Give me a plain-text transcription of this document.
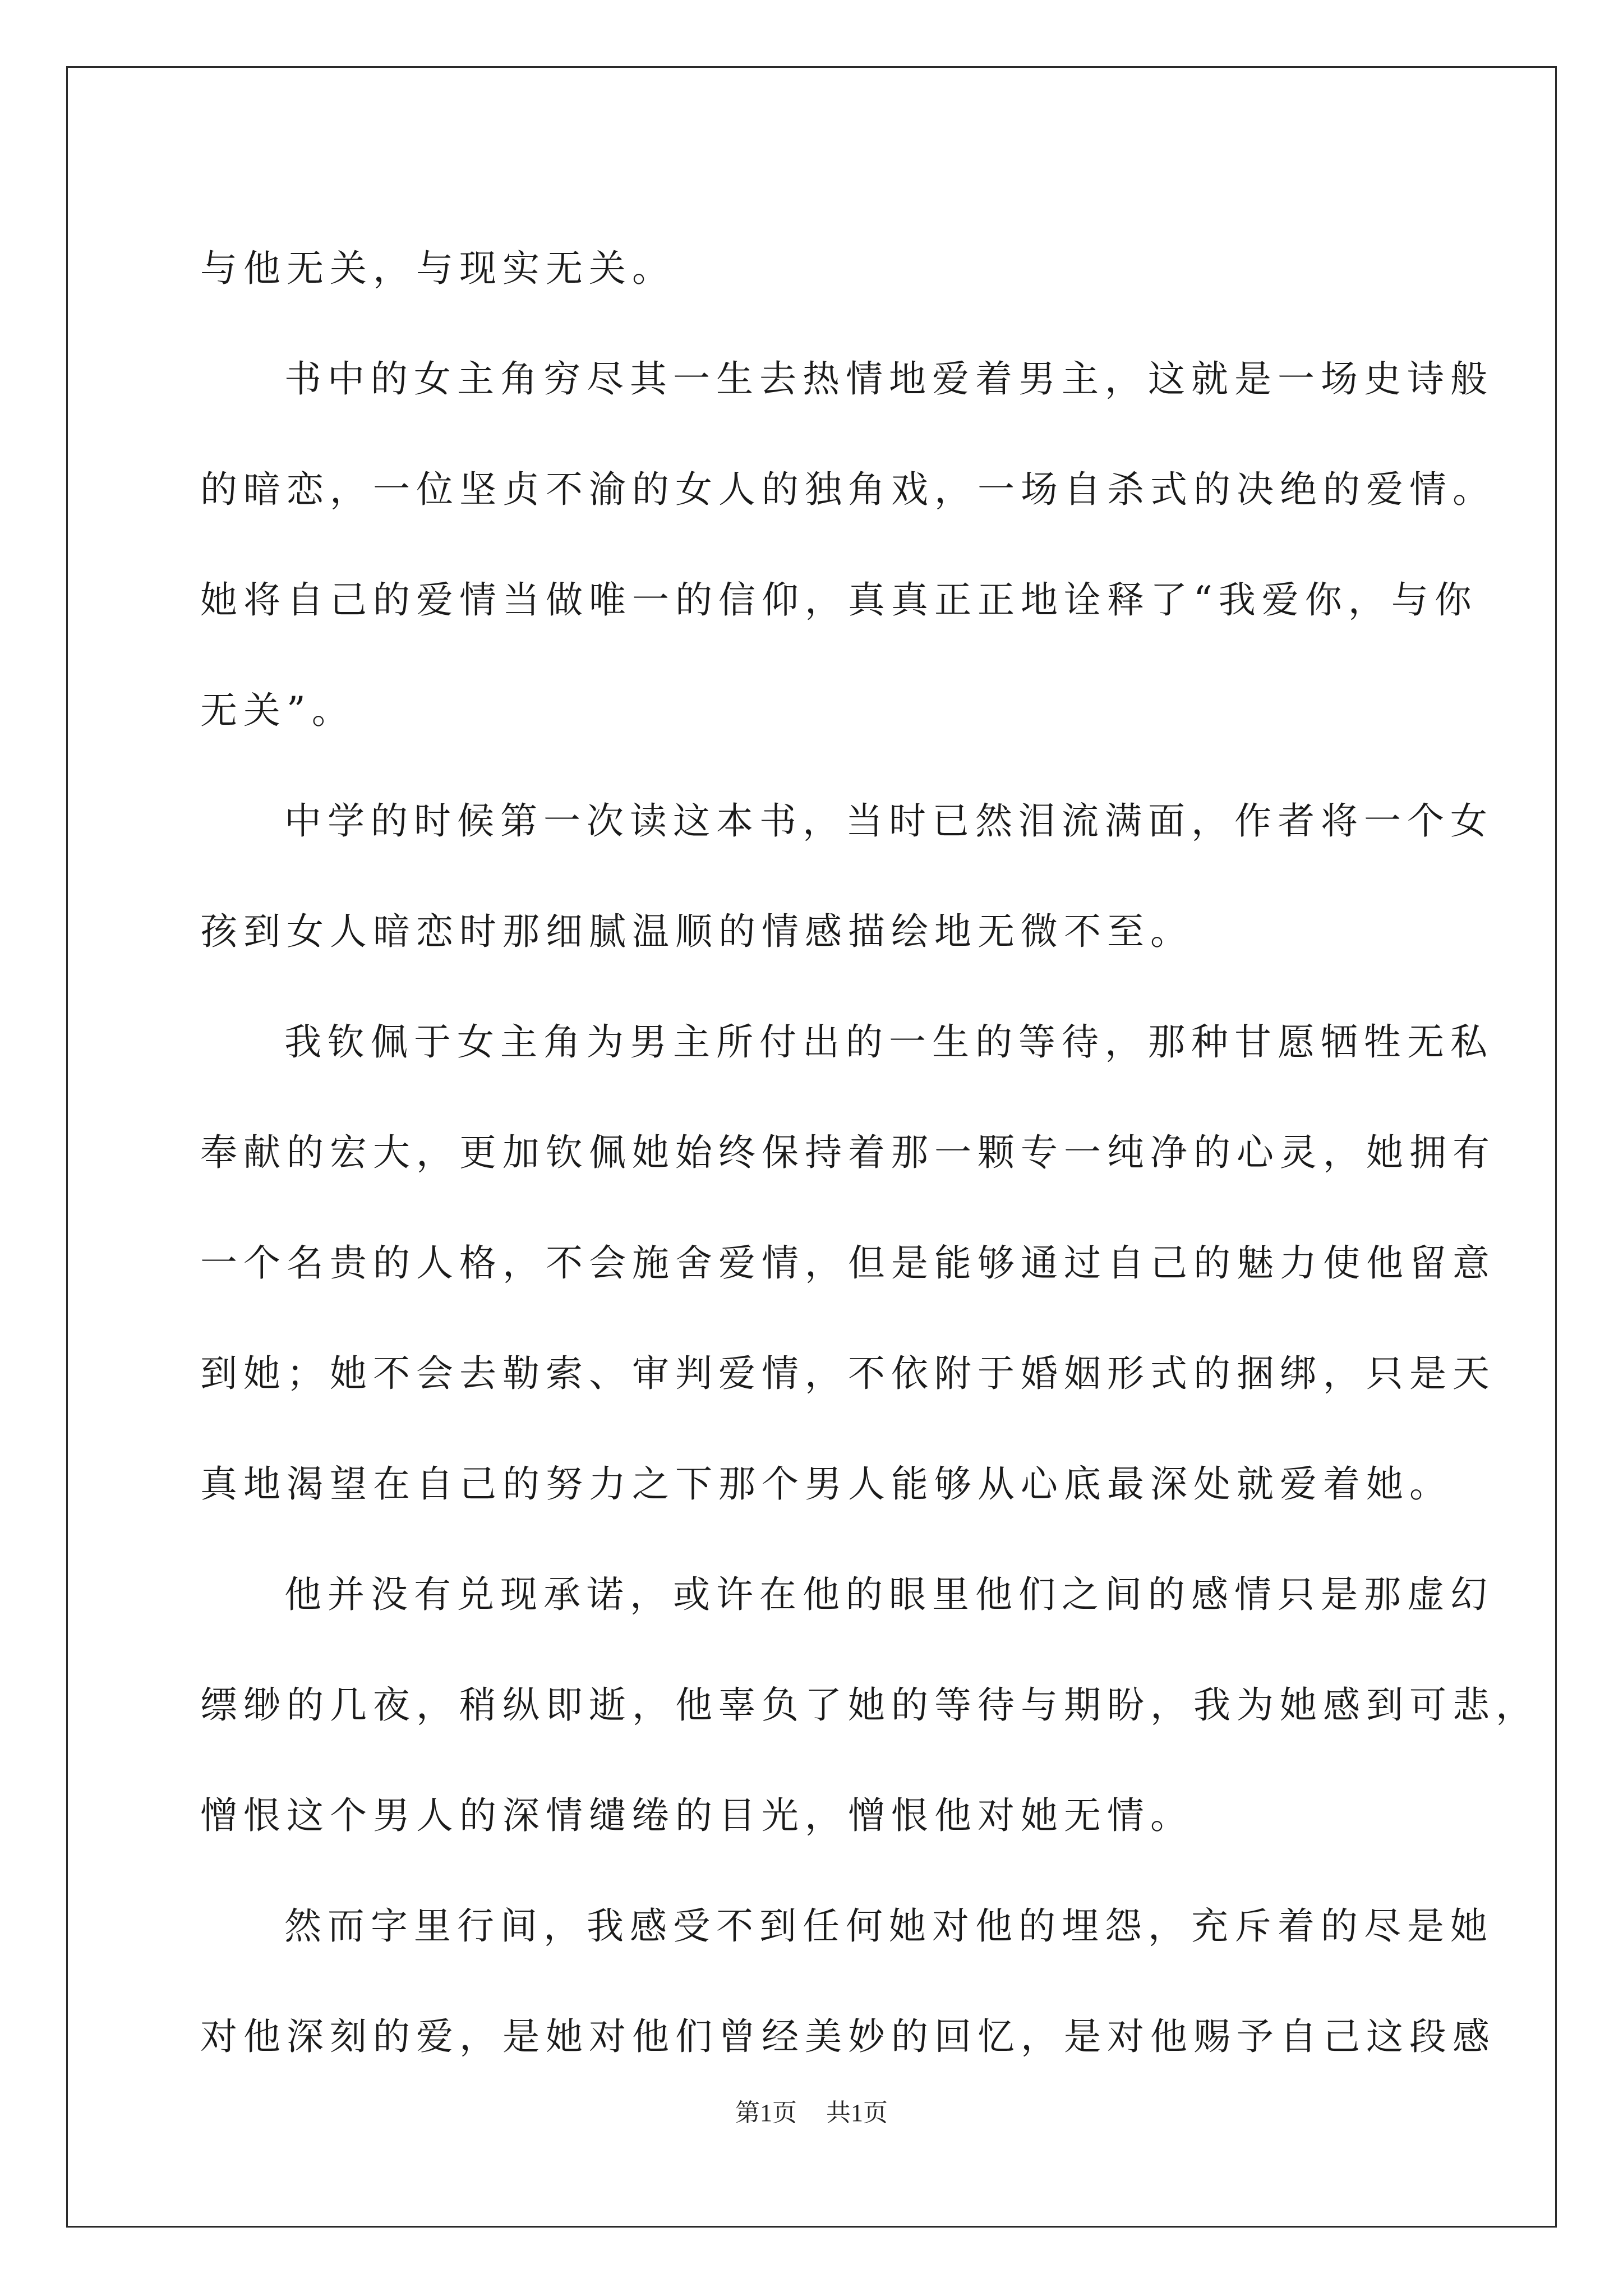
与他无关，与现实无关。
书中的女主角穷尽其一生去热情地爱着男主，这就是一场史诗般
的暗恋，一位坚贞不渝的女人的独角戏，一场自杀式的决绝的爱情。
她将自己的爱情当做唯一的信仰，真真正正地诠释了“我爱你，与你
无关”。
中学的时候第一次读这本书，当时已然泪流满面，作者将一个女
孩到女人暗恋时那细腻温顺的情感描绘地无微不至。
我钦佩于女主角为男主所付出的一生的等待，那种甘愿牺牲无私
奉献的宏大，更加钦佩她始终保持着那一颗专一纯净的心灵，她拥有
一个名贵的人格，不会施舍爱情，但是能够通过自己的魅力使他留意
到她；她不会去勒索、审判爱情，不依附于婚姻形式的捆绑，只是天
真地渴望在自己的努力之下那个男人能够从心底最深处就爱着她。
他并没有兑现承诺，或许在他的眼里他们之间的感情只是那虚幻
缥缈的几夜，稍纵即逝，他辜负了她的等待与期盼，我为她感到可悲，
憎恨这个男人的深情缱绻的目光，憎恨他对她无情。
然而字里行间，我感受不到任何她对他的埋怨，充斥着的尽是她
对他深刻的爱，是她对他们曾经美妙的回忆，是对他赐予自己这段感
第1页 共1页
